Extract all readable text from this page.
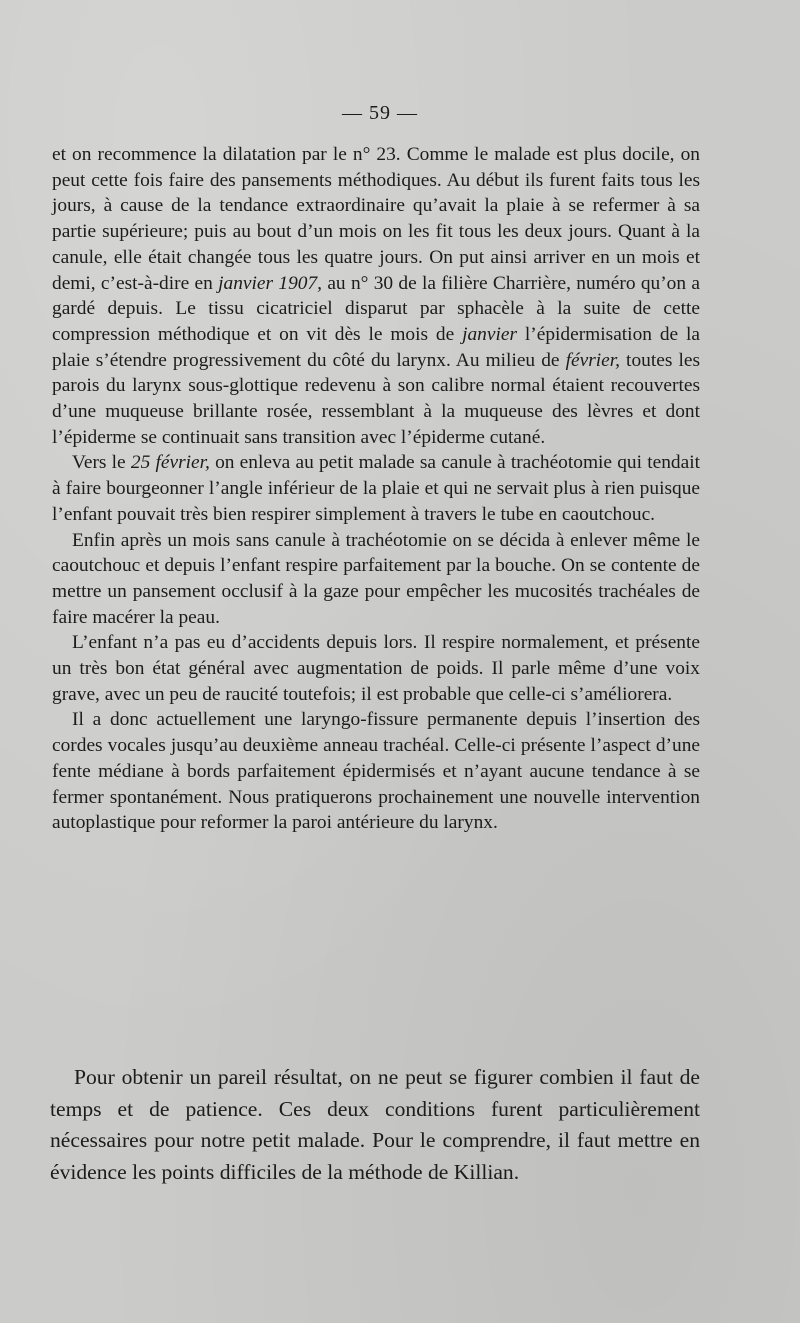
— 59 —

et on recommence la dilatation par le n° 23. Comme le malade est plus docile, on peut cette fois faire des pansements méthodiques. Au début ils furent faits tous les jours, à cause de la tendance extraordinaire qu’avait la plaie à se refermer à sa partie supérieure; puis au bout d’un mois on les fit tous les deux jours. Quant à la canule, elle était changée tous les quatre jours. On put ainsi arriver en un mois et demi, c’est-à-dire en janvier 1907, au n° 30 de la filière Charrière, numéro qu’on a gardé depuis. Le tissu cicatriciel disparut par sphacèle à la suite de cette compression méthodique et on vit dès le mois de janvier l’épidermisation de la plaie s’étendre progressivement du côté du larynx. Au milieu de février, toutes les parois du larynx sous-glottique redevenu à son calibre normal étaient recouvertes d’une muqueuse brillante rosée, ressemblant à la muqueuse des lèvres et dont l’épiderme se continuait sans transition avec l’épiderme cutané.

Vers le 25 février, on enleva au petit malade sa canule à trachéotomie qui tendait à faire bourgeonner l’angle inférieur de la plaie et qui ne servait plus à rien puisque l’enfant pouvait très bien respirer simplement à travers le tube en caoutchouc.

Enfin après un mois sans canule à trachéotomie on se décida à enlever même le caoutchouc et depuis l’enfant respire parfaitement par la bouche. On se contente de mettre un pansement occlusif à la gaze pour empêcher les mucosités trachéales de faire macérer la peau.

L’enfant n’a pas eu d’accidents depuis lors. Il respire normalement, et présente un très bon état général avec augmentation de poids. Il parle même d’une voix grave, avec un peu de raucité toutefois; il est probable que celle-ci s’améliorera.

Il a donc actuellement une laryngo-fissure permanente depuis l’insertion des cordes vocales jusqu’au deuxième anneau trachéal. Celle-ci présente l’aspect d’une fente médiane à bords parfaitement épidermisés et n’ayant aucune tendance à se fermer spontanément. Nous pratiquerons prochainement une nouvelle intervention autoplastique pour reformer la paroi antérieure du larynx.

Pour obtenir un pareil résultat, on ne peut se figurer combien il faut de temps et de patience. Ces deux conditions furent particulièrement nécessaires pour notre petit malade. Pour le comprendre, il faut mettre en évidence les points difficiles de la méthode de Killian.
